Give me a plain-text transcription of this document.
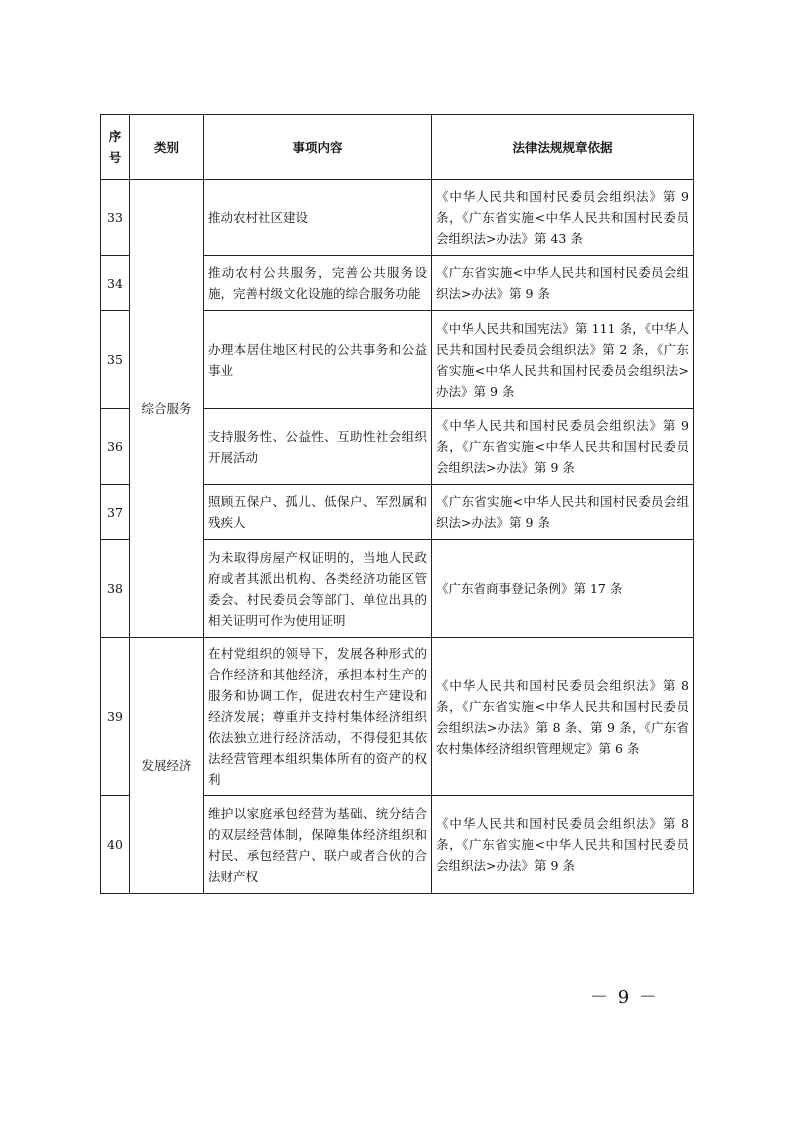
序号	类别	事项内容	法律法规规章依据
33	综合服务	推动农村社区建设	《中华人民共和国村民委员会组织法》第 9 条，《广东省实施<中华人民共和国村民委员会组织法>办法》第 43 条
34		推动农村公共服务，完善公共服务设施，完善村级文化设施的综合服务功能	《广东省实施<中华人民共和国村民委员会组织法>办法》第 9 条
35		办理本居住地区村民的公共事务和公益事业	《中华人民共和国宪法》第 111 条，《中华人民共和国村民委员会组织法》第 2 条，《广东省实施<中华人民共和国村民委员会组织法>办法》第 9 条
36		支持服务性、公益性、互助性社会组织开展活动	《中华人民共和国村民委员会组织法》第 9 条，《广东省实施<中华人民共和国村民委员会组织法>办法》第 9 条
37		照顾五保户、孤儿、低保户、军烈属和残疾人	《广东省实施<中华人民共和国村民委员会组织法>办法》第 9 条
38		为未取得房屋产权证明的，当地人民政府或者其派出机构、各类经济功能区管委会、村民委员会等部门、单位出具的相关证明可作为使用证明	《广东省商事登记条例》第 17 条
39	发展经济	在村党组织的领导下，发展各种形式的合作经济和其他经济，承担本村生产的服务和协调工作，促进农村生产建设和经济发展；尊重并支持村集体经济组织依法独立进行经济活动，不得侵犯其依法经营管理本组织集体所有的资产的权利	《中华人民共和国村民委员会组织法》第 8 条，《广东省实施<中华人民共和国村民委员会组织法>办法》第 8 条、第 9 条，《广东省农村集体经济组织管理规定》第 6 条
40		维护以家庭承包经营为基础、统分结合的双层经营体制，保障集体经济组织和村民、承包经营户、联户或者合伙的合法财产权	《中华人民共和国村民委员会组织法》第 8 条，《广东省实施<中华人民共和国村民委员会组织法>办法》第 9 条
－ 9 －
